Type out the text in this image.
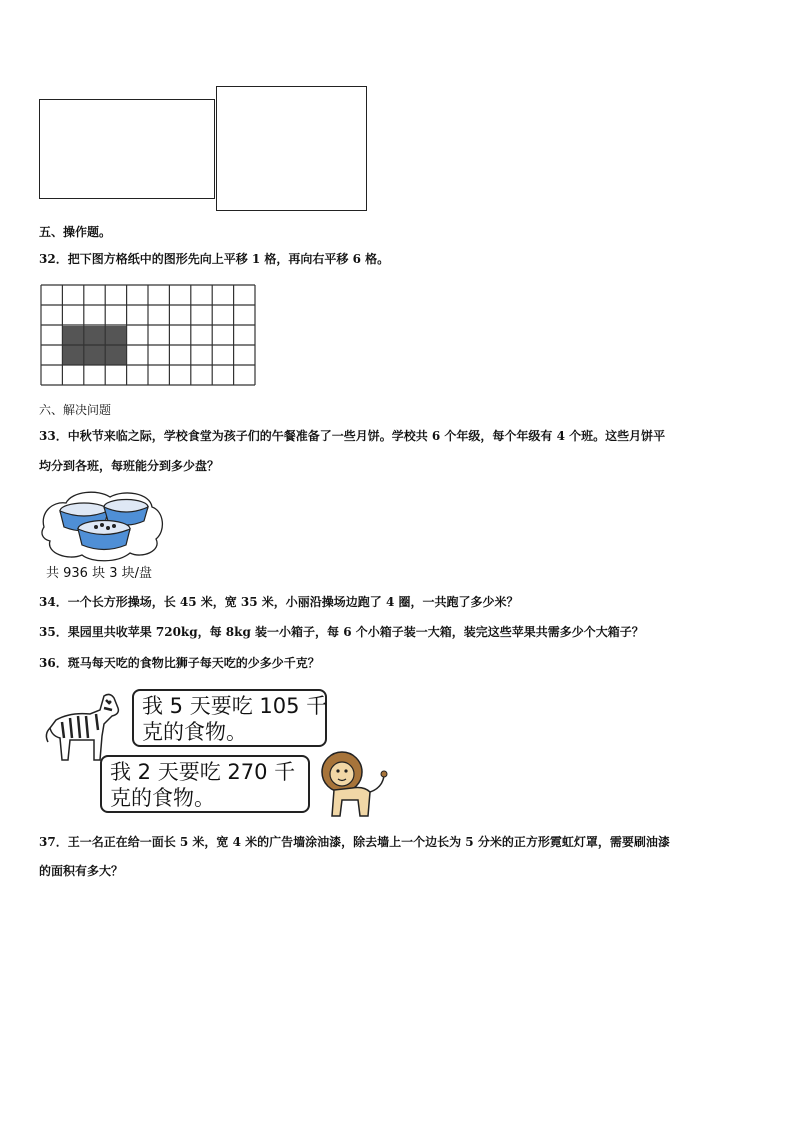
五、操作题。
32．把下图方格纸中的图形先向上平移 1 格，再向右平移 6 格。
六、解决问题
33．中秋节来临之际，学校食堂为孩子们的午餐准备了一些月饼。学校共 6 个年级，每个年级有 4 个班。这些月饼平
均分到各班，每班能分到多少盘？
共 936 块 3 块/盘
34．一个长方形操场，长 45 米，宽 35 米，小丽沿操场边跑了 4 圈，一共跑了多少米？
35．果园里共收苹果 720kg，每 8kg 装一小箱子，每 6 个小箱子装一大箱，装完这些苹果共需多少个大箱子？
36．斑马每天吃的食物比狮子每天吃的少多少千克？
我 5 天要吃 105 千
克的食物。
我 2 天要吃 270 千
克的食物。
37．王一名正在给一面长 5 米，宽 4 米的广告墙涂油漆，除去墙上一个边长为 5 分米的正方形霓虹灯罩，需要刷油漆
的面积有多大？
